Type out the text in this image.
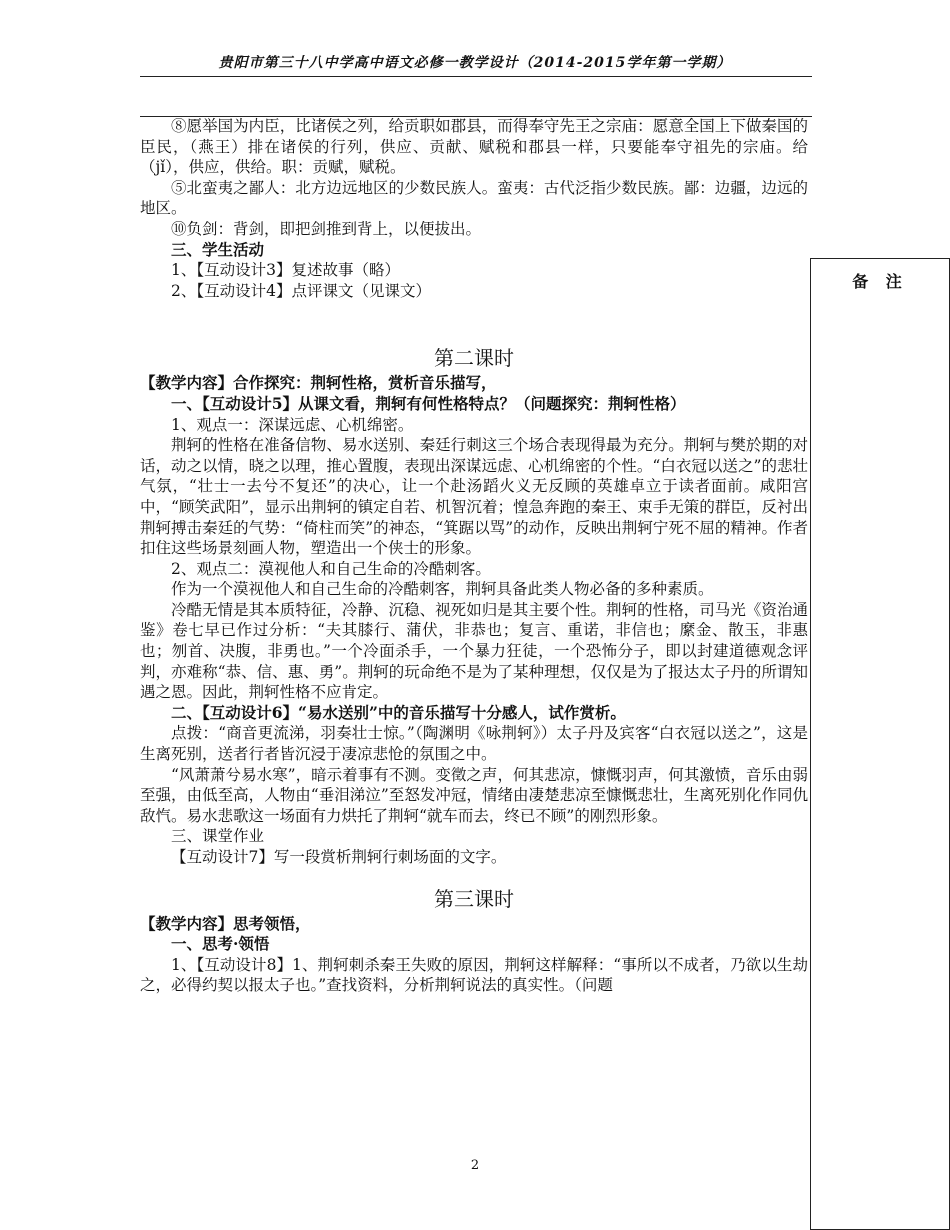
贵阳市第三十八中学高中语文必修一教学设计（2014-2015学年第一学期）
备 注

⑧愿举国为内臣，比诸侯之列，给贡职如郡县，而得奉守先王之宗庙：愿意全国上下做秦国的臣民，（燕王）排在诸侯的行列，供应、贡献、赋税和郡县一样，只要能奉守祖先的宗庙。给（jǐ），供应，供给。职：贡赋，赋税。

⑤北蛮夷之鄙人：北方边远地区的少数民族人。蛮夷：古代泛指少数民族。鄙：边疆，边远的地区。

⑩负剑：背剑，即把剑推到背上，以便拔出。

三、学生活动

1、【互动设计3】复述故事（略）

2、【互动设计4】点评课文（见课文）

第二课时

【教学内容】合作探究：荆轲性格，赏析音乐描写，

一、【互动设计5】从课文看，荆轲有何性格特点？（问题探究：荆轲性格）

1、观点一：深谋远虑、心机绵密。

荆轲的性格在准备信物、易水送别、秦廷行刺这三个场合表现得最为充分。荆轲与樊於期的对话，动之以情，晓之以理，推心置腹，表现出深谋远虑、心机绵密的个性。“白衣冠以送之”的悲壮气氛，“壮士一去兮不复还”的决心，让一个赴汤蹈火义无反顾的英雄卓立于读者面前。咸阳宫中，“顾笑武阳”，显示出荆轲的镇定自若、机智沉着；惶急奔跑的秦王、束手无策的群臣，反衬出荆轲搏击秦廷的气势：“倚柱而笑”的神态，“箕踞以骂”的动作，反映出荆轲宁死不屈的精神。作者扣住这些场景刻画人物，塑造出一个侠士的形象。

2、观点二：漠视他人和自己生命的冷酷刺客。

作为一个漠视他人和自己生命的冷酷刺客，荆轲具备此类人物必备的多种素质。

冷酷无情是其本质特征，冷静、沉稳、视死如归是其主要个性。荆轲的性格，司马光《资治通鉴》卷七早已作过分析：“夫其膝行、蒲伏，非恭也；复言、重诺，非信也；縻金、散玉，非惠也；刎首、决腹，非勇也。”一个冷面杀手，一个暴力狂徒，一个恐怖分子，即以封建道德观念评判，亦难称“恭、信、惠、勇”。荆轲的玩命绝不是为了某种理想，仅仅是为了报达太子丹的所谓知遇之恩。因此，荆轲性格不应肯定。

二、【互动设计6】“易水送别”中的音乐描写十分感人，试作赏析。

点拨：“商音更流涕，羽奏壮士惊。”（陶渊明《咏荆轲》）太子丹及宾客“白衣冠以送之”，这是生离死别，送者行者皆沉浸于凄凉悲怆的氛围之中。

“风萧萧兮易水寒”，暗示着事有不测。变徵之声，何其悲凉，慷慨羽声，何其激愤，音乐由弱至强，由低至高，人物由“垂泪涕泣”至怒发冲冠，情绪由凄楚悲凉至慷慨悲壮，生离死别化作同仇敌忾。易水悲歌这一场面有力烘托了荆轲“就车而去，终已不顾”的刚烈形象。

三、课堂作业

【互动设计7】写一段赏析荆轲行刺场面的文字。

第三课时

【教学内容】思考领悟，

一、思考·领悟

1、【互动设计8】1、荆轲刺杀秦王失败的原因，荆轲这样解释：“事所以不成者，乃欲以生劫之，必得约契以报太子也。”查找资料，分析荆轲说法的真实性。（问题

2
